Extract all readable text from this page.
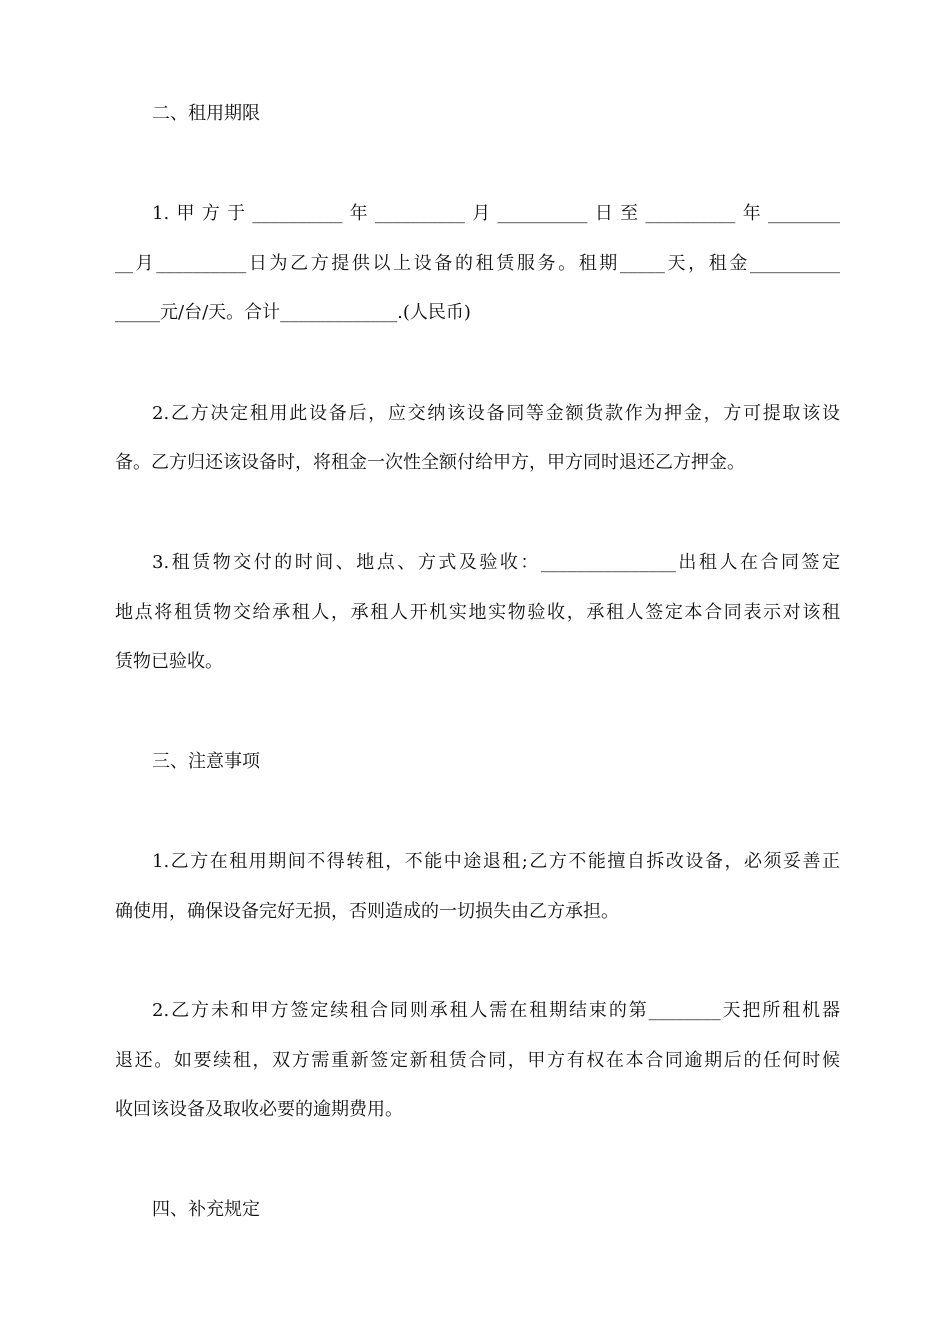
二、租用期限
1.甲方于__________年__________月__________日至__________年________
__月__________日为乙方提供以上设备的租赁服务。租期_____天，租金__________
_____元/台/天。合计_____________.(人民币)
2.乙方决定租用此设备后，应交纳该设备同等金额货款作为押金，方可提取该设
备。乙方归还该设备时，将租金一次性全额付给甲方，甲方同时退还乙方押金。
3.租赁物交付的时间、地点、方式及验收：_______________出租人在合同签定
地点将租赁物交给承租人，承租人开机实地实物验收，承租人签定本合同表示对该租
赁物已验收。
三、注意事项
1.乙方在租用期间不得转租，不能中途退租;乙方不能擅自拆改设备，必须妥善正
确使用，确保设备完好无损，否则造成的一切损失由乙方承担。
2.乙方未和甲方签定续租合同则承租人需在租期结束的第________天把所租机器
退还。如要续租，双方需重新签定新租赁合同，甲方有权在本合同逾期后的任何时候
收回该设备及取收必要的逾期费用。
四、补充规定
